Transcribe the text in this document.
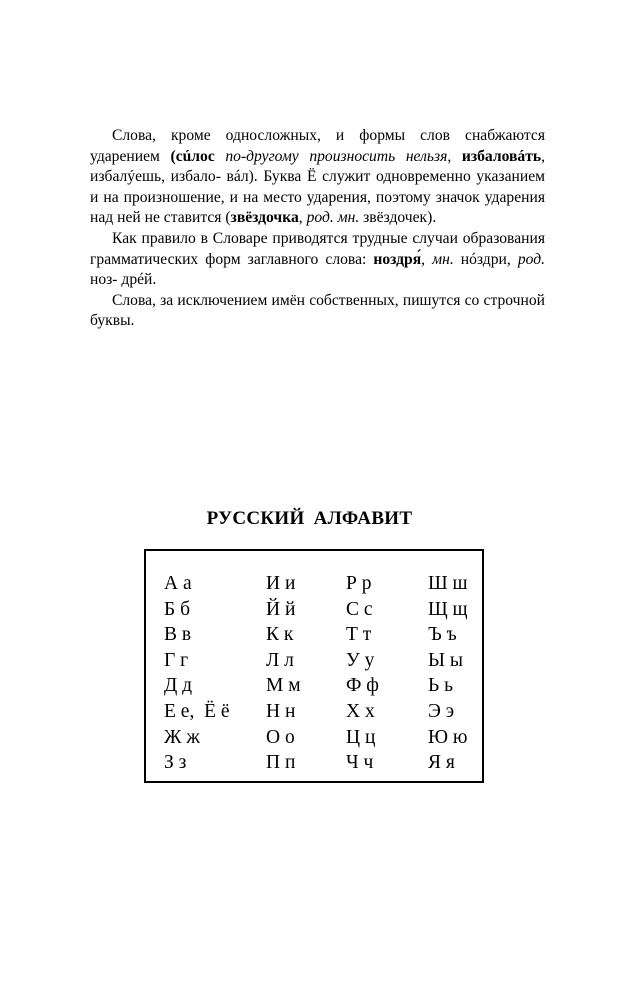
Слова, кроме односложных, и формы слов снабжаются ударением (сúлос по-другому произносить нельзя, избаловáть, избалýешь, избало- вáл). Буква Ё служит одновременно указанием и на произношение, и на место ударения, поэтому значок ударения над ней не ставится (звёздочка, род. мн. звёздочек).

Как правило в Словаре приводятся трудные случаи образования грамматических форм заглавного слова: ноздря́, мн. нóздри, род. ноз- дрéй.

Слова, за исключением имён собственных, пишутся со строчной буквы.

РУССКИЙ АЛФАВИТ
А а
Б б
В в
Г г
Д д
Е е,  Ё ё
Ж ж
З з
И и
Й й
К к
Л л
М м
Н н
О о
П п
Р р
С с
Т т
У у
Ф ф
Х х
Ц ц
Ч ч
Ш ш
Щ щ
Ъ ъ
Ы ы
Ь ь
Э э
Ю ю
Я я
